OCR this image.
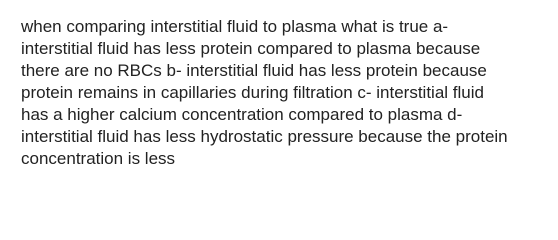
when comparing interstitial fluid to plasma what is true a-
interstitial fluid has less protein compared to plasma because
there are no RBCs b- interstitial fluid has less protein because
protein remains in capillaries during filtration c- interstitial fluid
has a higher calcium concentration compared to plasma d-
interstitial fluid has less hydrostatic pressure because the protein
concentration is less
